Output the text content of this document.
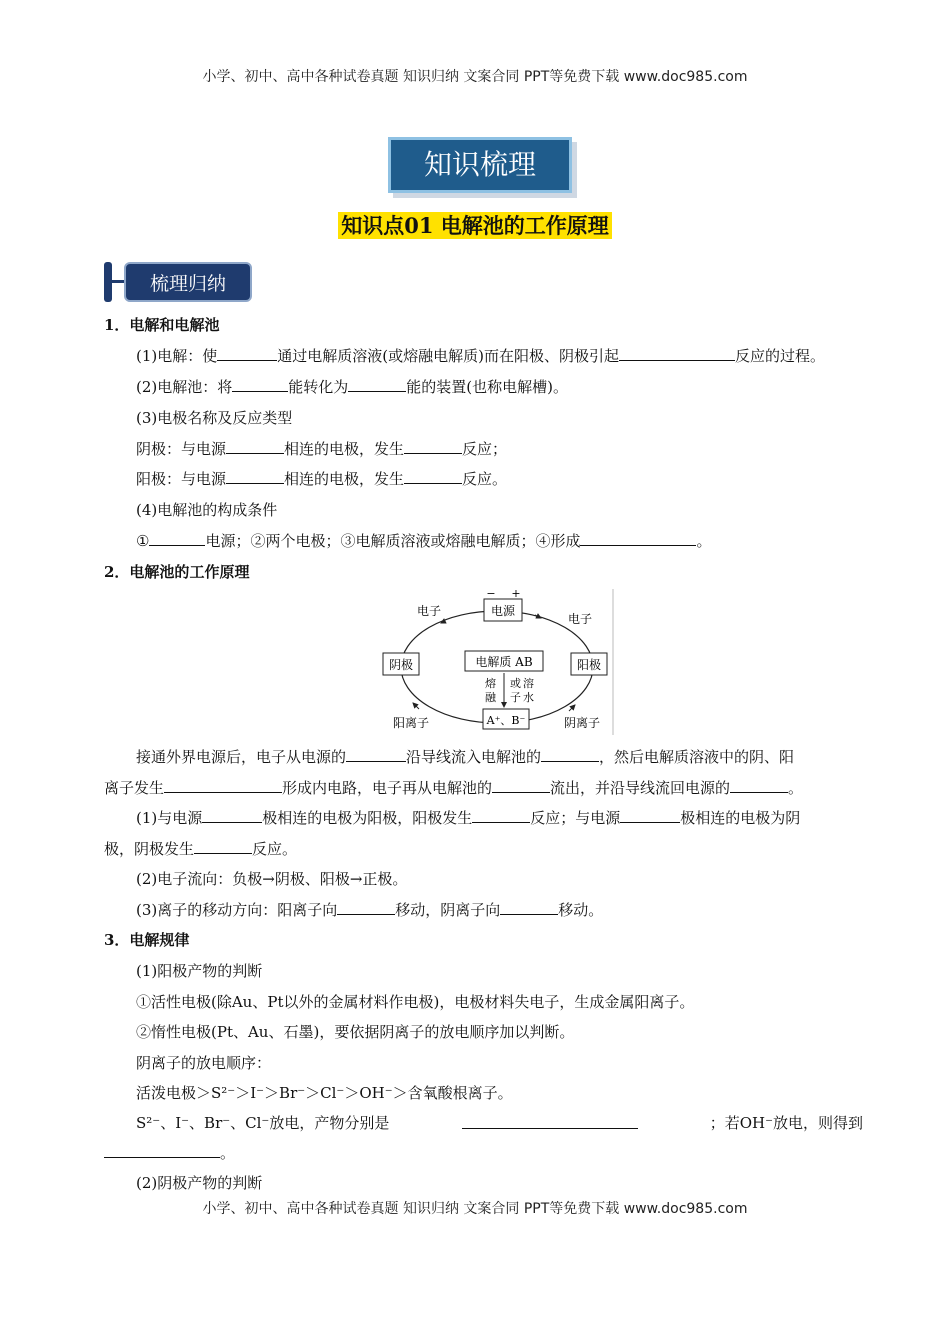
小学、初中、高中各种试卷真题 知识归纳 文案合同 PPT等免费下载 www.doc985.com
知识梳理
知识点01 电解池的工作原理
梳理归纳
1．电解和电解池
(1)电解：使	通过电解质溶液(或熔融电解质)而在阳极、阴极引起	反应的过程。
(2)电解池：将	能转化为	能的装置(也称电解槽)。
(3)电极名称及反应类型
阴极：与电源	相连的电极，发生	反应；
阳极：与电源	相连的电极，发生	反应。
(4)电解池的构成条件
①	电源；②两个电极；③电解质溶液或熔融电解质；④形成	。
2．电解池的工作原理
电源
− +
电子
电子
阴极	阳极
电解质 AB
熔
融
或
子
溶
水
A⁺、B⁻
阳离子	阴离子
接通外界电源后，电子从电源的	沿导线流入电解池的	，然后电解质溶液中的阴、阳
离子发生	形成内电路，电子再从电解池的	流出，并沿导线流回电源的	。
(1)与电源	极相连的电极为阳极，阳极发生	反应；与电源	极相连的电极为阴
极，阴极发生	反应。
(2)电子流向：负极→阴极、阳极→正极。
(3)离子的移动方向：阳离子向	移动，阴离子向	移动。
3．电解规律
(1)阳极产物的判断
①活性电极(除Au、Pt以外的金属材料作电极)，电极材料失电子，生成金属阳离子。
②惰性电极(Pt、Au、石墨)，要依据阴离子的放电顺序加以判断。
阴离子的放电顺序：
活泼电极＞S²⁻＞I⁻＞Br⁻＞Cl⁻＞OH⁻＞含氧酸根离子。
S²⁻、I⁻、Br⁻、Cl⁻放电，产物分别是	；若OH⁻放电，则得到
。
(2)阴极产物的判断
小学、初中、高中各种试卷真题 知识归纳 文案合同 PPT等免费下载 www.doc985.com
